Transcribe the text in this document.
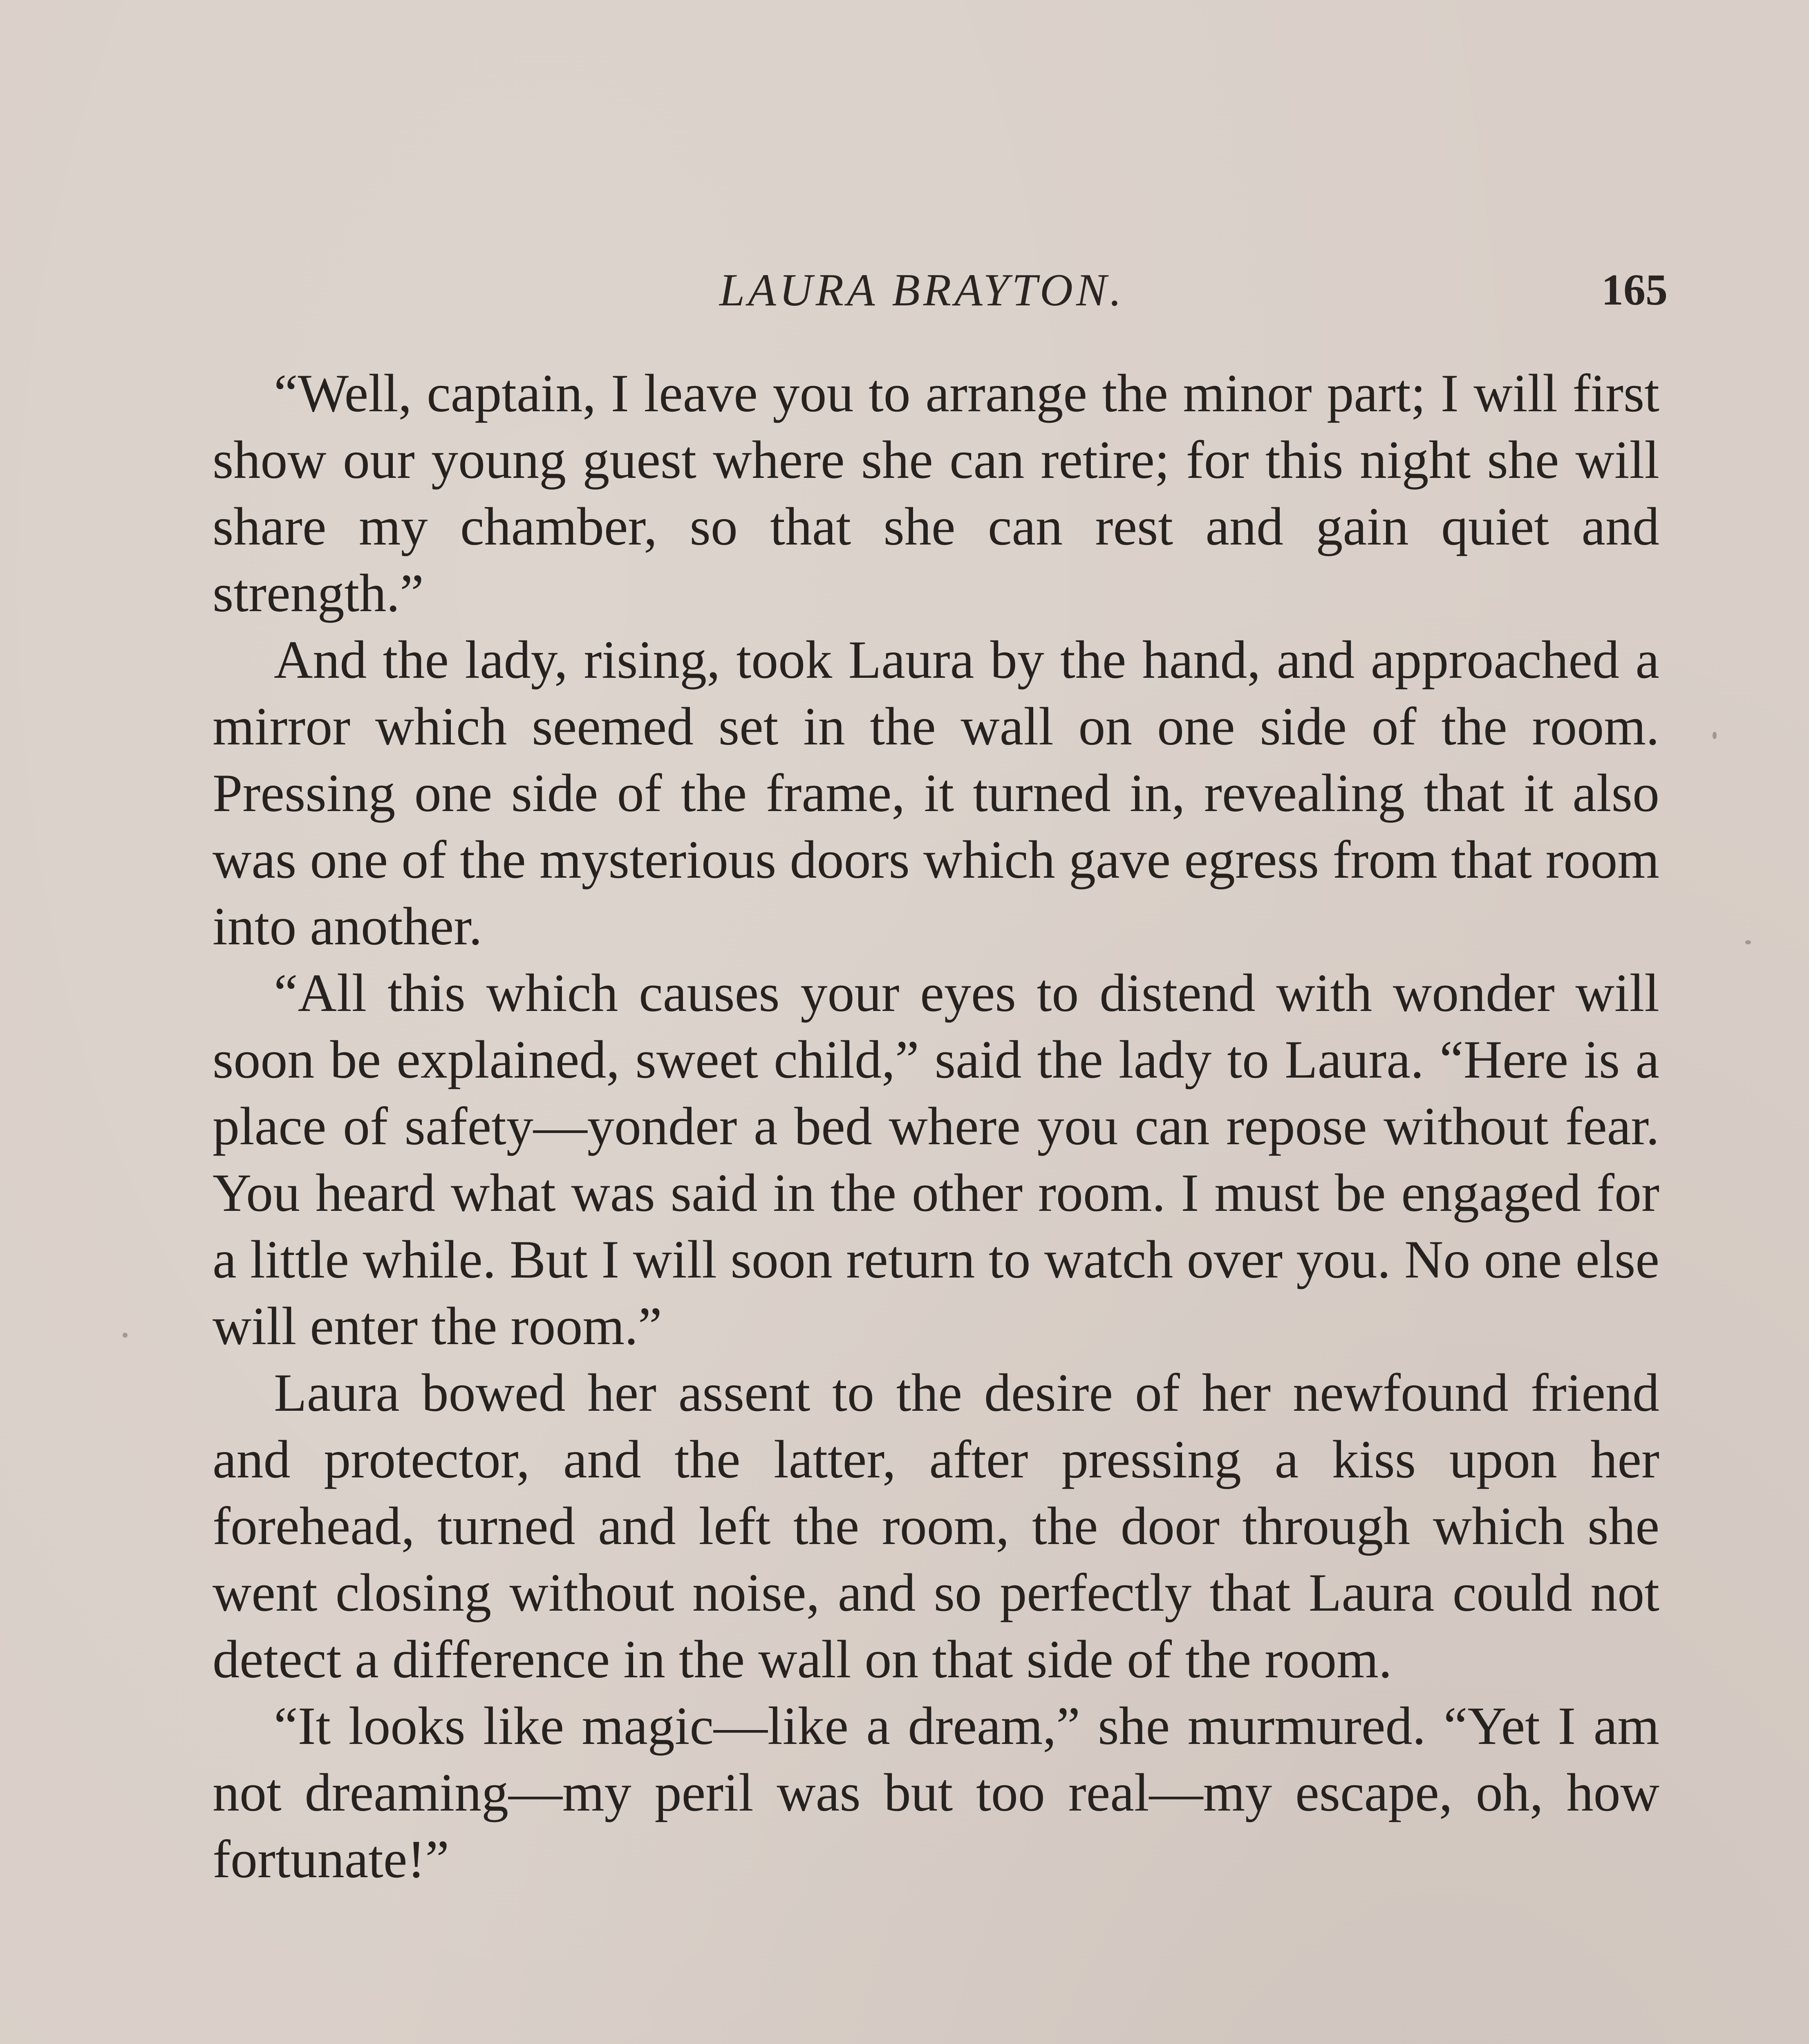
LAURA BRAYTON.	165

“Well, captain, I leave you to arrange the minor part; I will first show our young guest where she can retire; for this night she will share my chamber, so that she can rest and gain quiet and strength.”

And the lady, rising, took Laura by the hand, and approached a mirror which seemed set in the wall on one side of the room. Pressing one side of the frame, it turned in, revealing that it also was one of the mysterious doors which gave egress from that room into another.

“All this which causes your eyes to distend with wonder will soon be explained, sweet child,” said the lady to Laura. “Here is a place of safety—yonder a bed where you can repose without fear. You heard what was said in the other room. I must be engaged for a little while. But I will soon return to watch over you. No one else will enter the room.”

Laura bowed her assent to the desire of her newfound friend and protector, and the latter, after pressing a kiss upon her forehead, turned and left the room, the door through which she went closing without noise, and so perfectly that Laura could not detect a difference in the wall on that side of the room.

“It looks like magic—like a dream,” she murmured. “Yet I am not dreaming—my peril was but too real—my escape, oh, how fortunate!”
